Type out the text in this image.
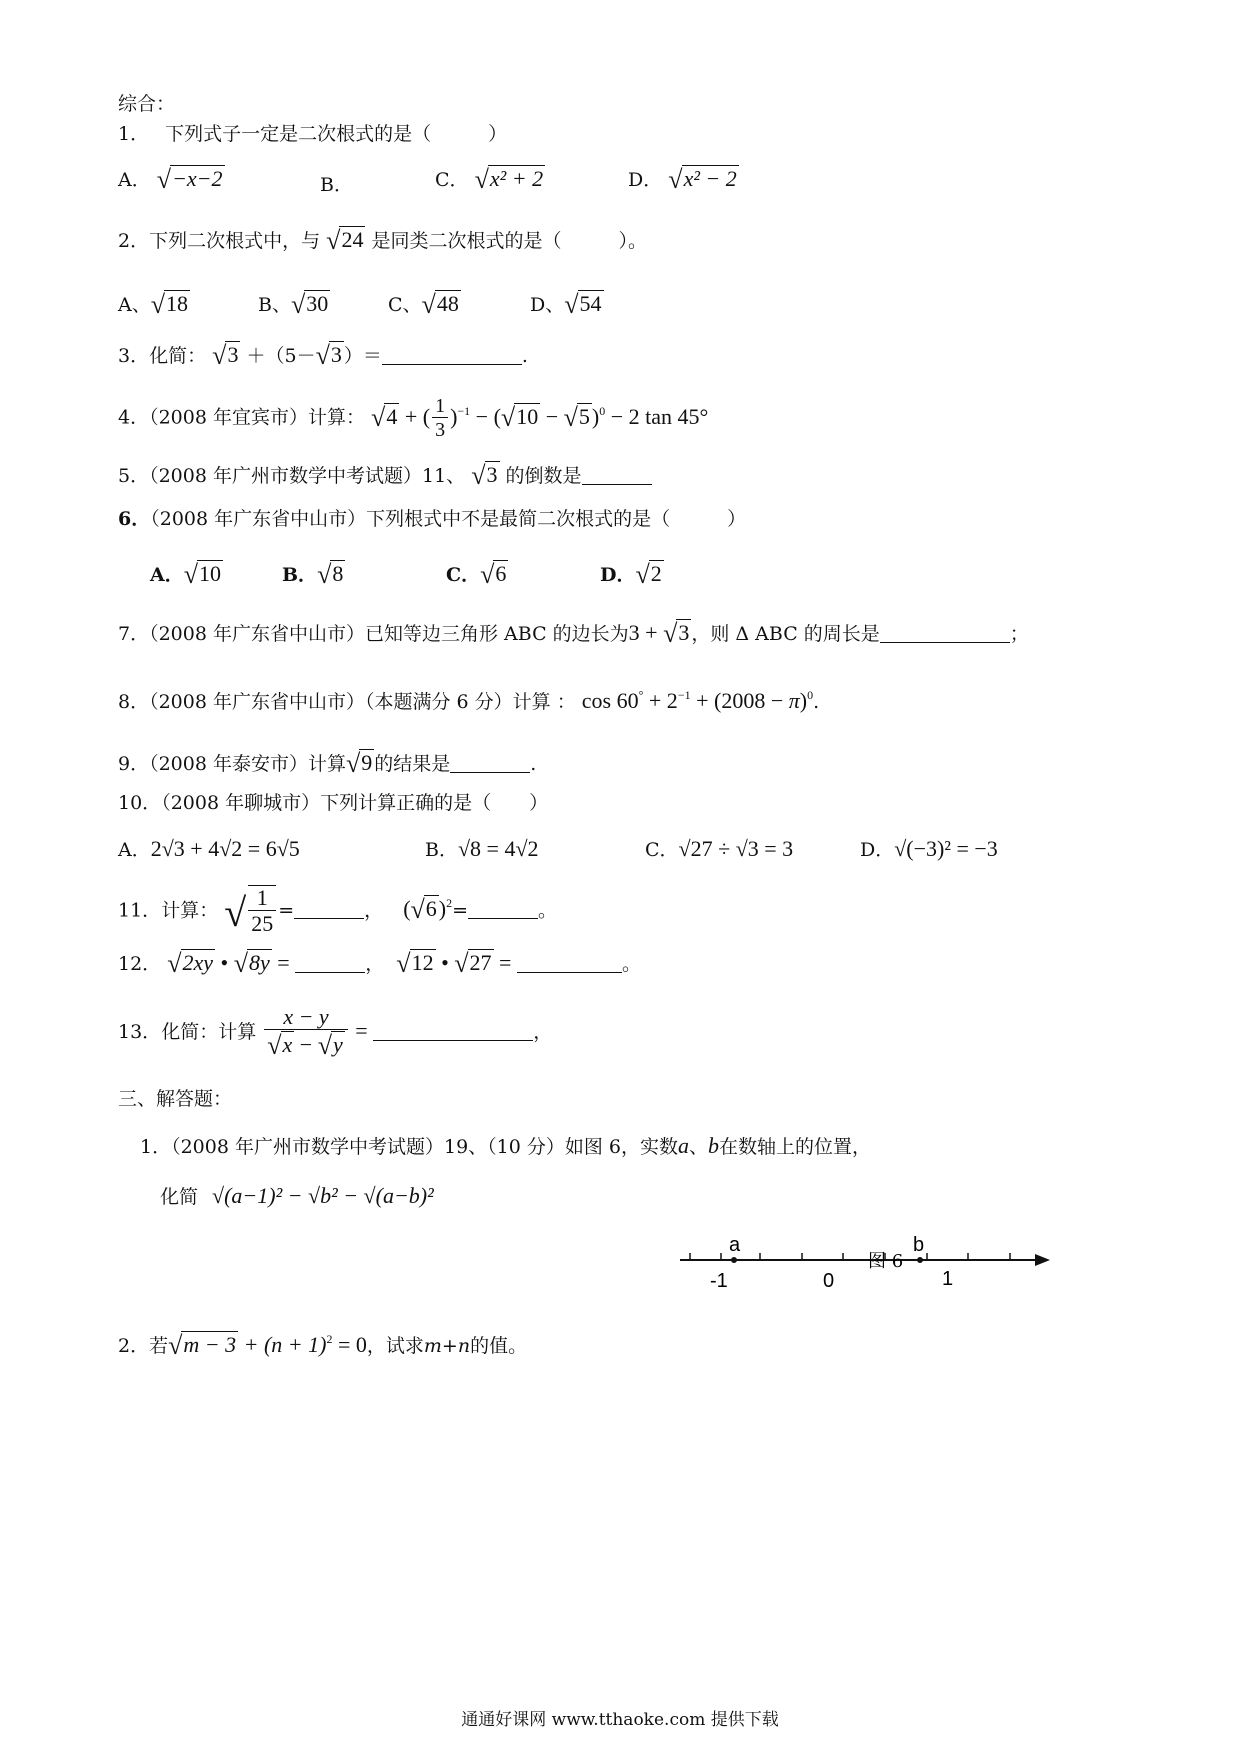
综合：
1． 下列式子一定是二次根式的是（　　　）
A． √−x−2	B．	C． √x² + 2	D． √x² − 2
2．下列二次根式中，与 √24 是同类二次根式的是（　　　）。
A、√18	B、√30	C、√48	D、√54
3．化简： √3 ＋（5－√3 ）＝	.
4．（2008 年宜宾市）计算： √4 + ( $\frac{1}{3} )^{-1} - (√10 - √5)^0 - 2$ tan 45°
5．（2008 年广州市数学中考试题）11、 √3 的倒数是
6．（2008 年广东省中山市）下列根式中不是最简二次根式的是（　　　）
A．√10	B．√8	C．√6	D．√2
7．（2008 年广东省中山市）已知等边三角形 ABC 的边长为3 + √3 ，则 Δ ABC 的周长是	；
8．（2008 年广东省中山市）（本题满分 6 分）计算 ： $\cos 60^\circ + 2^{-1} + (2008 - \pi)^0$.
9．（2008 年泰安市）计算√9 的结果是	.
10．（2008 年聊城市）下列计算正确的是（　　）
A．2√3 + 4√2 = 6√5	B．√8 = 4√2	C．√27 ÷ √3 = 3	D．√(−3)² = −3
11．计算： √ $\frac{1}{25}$ =	， $(√6)^2=$	。
12． √2xy • √8y =	， √12 • √27 =	。
13．化简：计算 $\frac{x - y}{√x - √y}$ =	，
三、解答题：
1．（2008 年广州市数学中考试题）19、（10 分）如图 6，实数a、b在数轴上的位置，
化简 √(a−1)² − √b² − √(a−b)²
a	b
-1	0	1
图 6
2．若$√m - 3 + (n + 1)^2 = 0$，试求m+n的值。
通通好课网 www.tthaoke.com 提供下载
